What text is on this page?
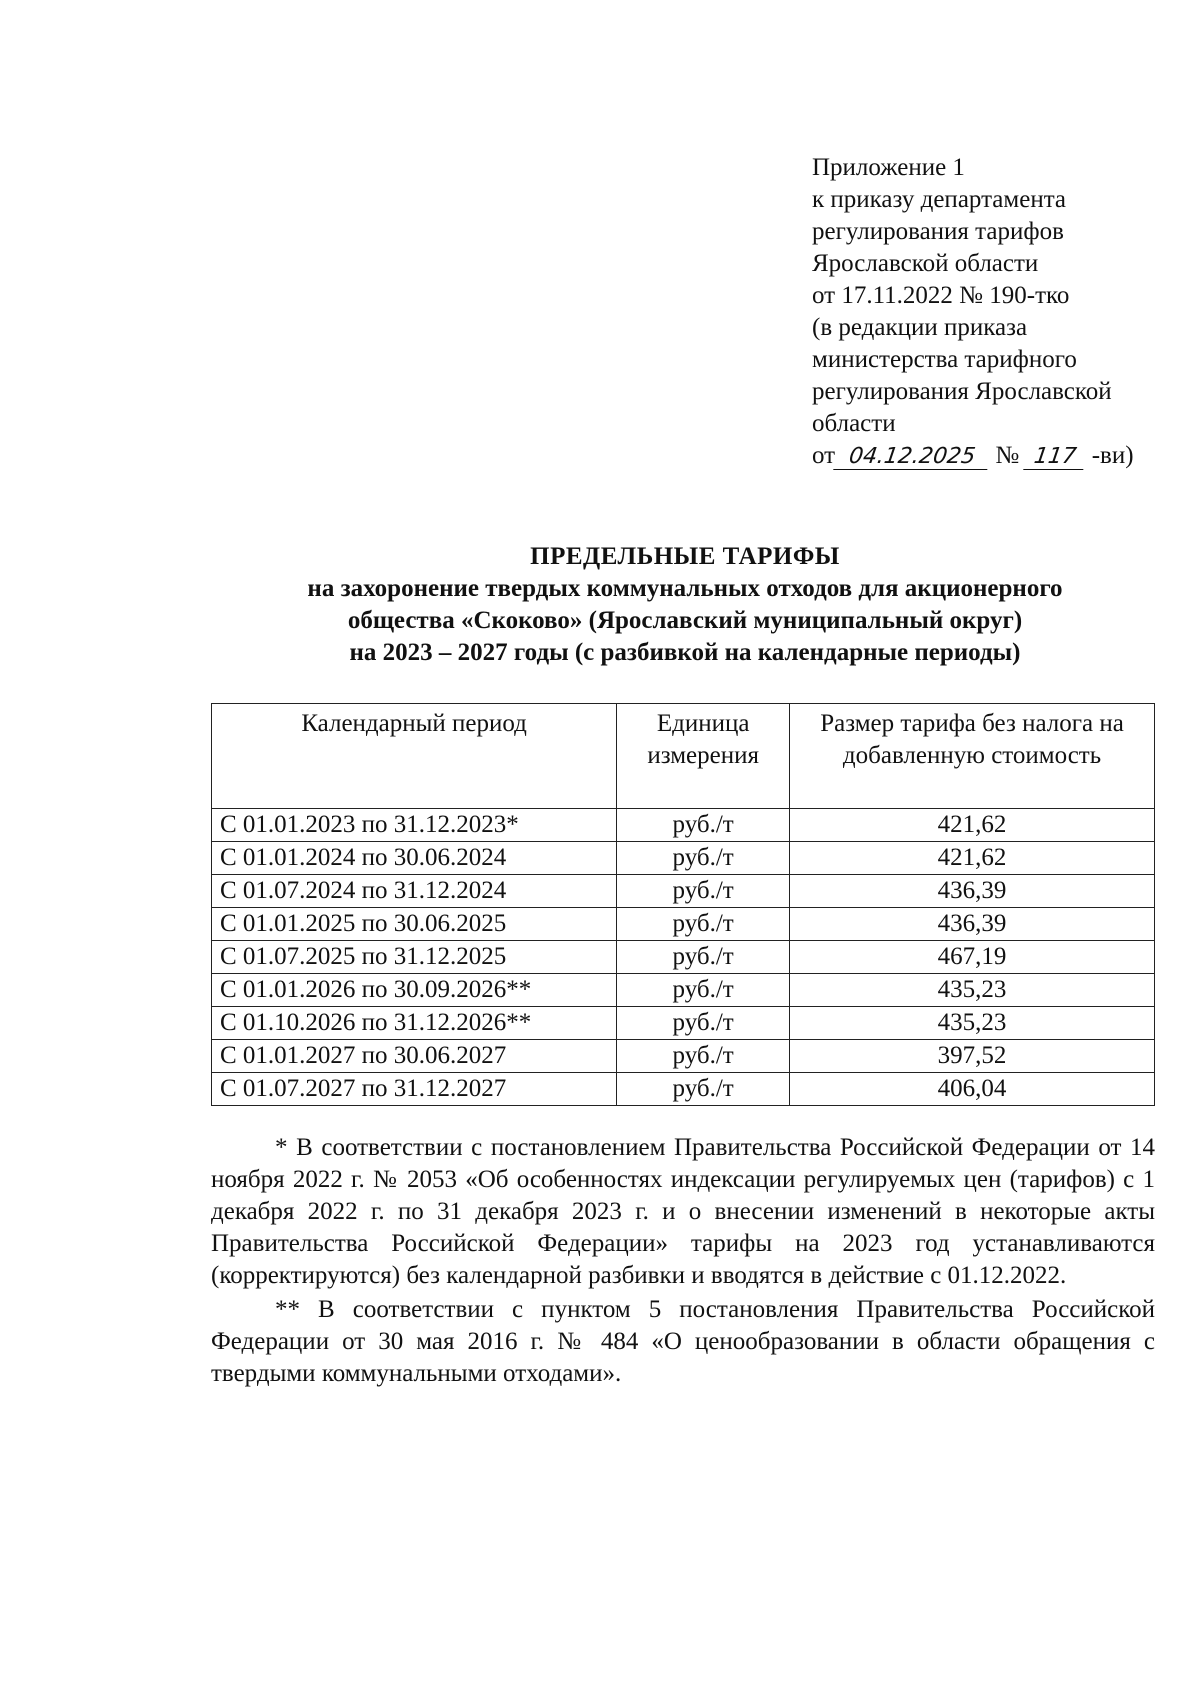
Приложение 1
к приказу департамента
регулирования тарифов
Ярославской области
от 17.11.2022 № 190-тко
(в редакции приказа
министерства тарифного
регулирования Ярославской
области
от 04.12.2025 № 117 -ви)
ПРЕДЕЛЬНЫЕ ТАРИФЫ
на захоронение твердых коммунальных отходов для акционерного
общества «Скоково» (Ярославский муниципальный округ)
на 2023 – 2027 годы (с разбивкой на календарные периоды)
Календарный период	Единица измерения	Размер тарифа без налога на добавленную стоимость
С 01.01.2023 по 31.12.2023*	руб./т	421,62
С 01.01.2024 по 30.06.2024	руб./т	421,62
С 01.07.2024 по 31.12.2024	руб./т	436,39
С 01.01.2025 по 30.06.2025	руб./т	436,39
С 01.07.2025 по 31.12.2025	руб./т	467,19
С 01.01.2026 по 30.09.2026**	руб./т	435,23
С 01.10.2026 по 31.12.2026**	руб./т	435,23
С 01.01.2027 по 30.06.2027	руб./т	397,52
С 01.07.2027 по 31.12.2027	руб./т	406,04

* В соответствии с постановлением Правительства Российской Федерации от 14 ноября 2022 г. № 2053 «Об особенностях индексации регулируемых цен (тарифов) с 1 декабря 2022 г. по 31 декабря 2023 г. и о внесении изменений в некоторые акты Правительства Российской Федерации» тарифы на 2023 год устанавливаются (корректируются) без календарной разбивки и вводятся в действие с 01.12.2022.

** В соответствии с пунктом 5 постановления Правительства Российской Федерации от 30 мая 2016 г. № 484 «О ценообразовании в области обращения с твердыми коммунальными отходами».
